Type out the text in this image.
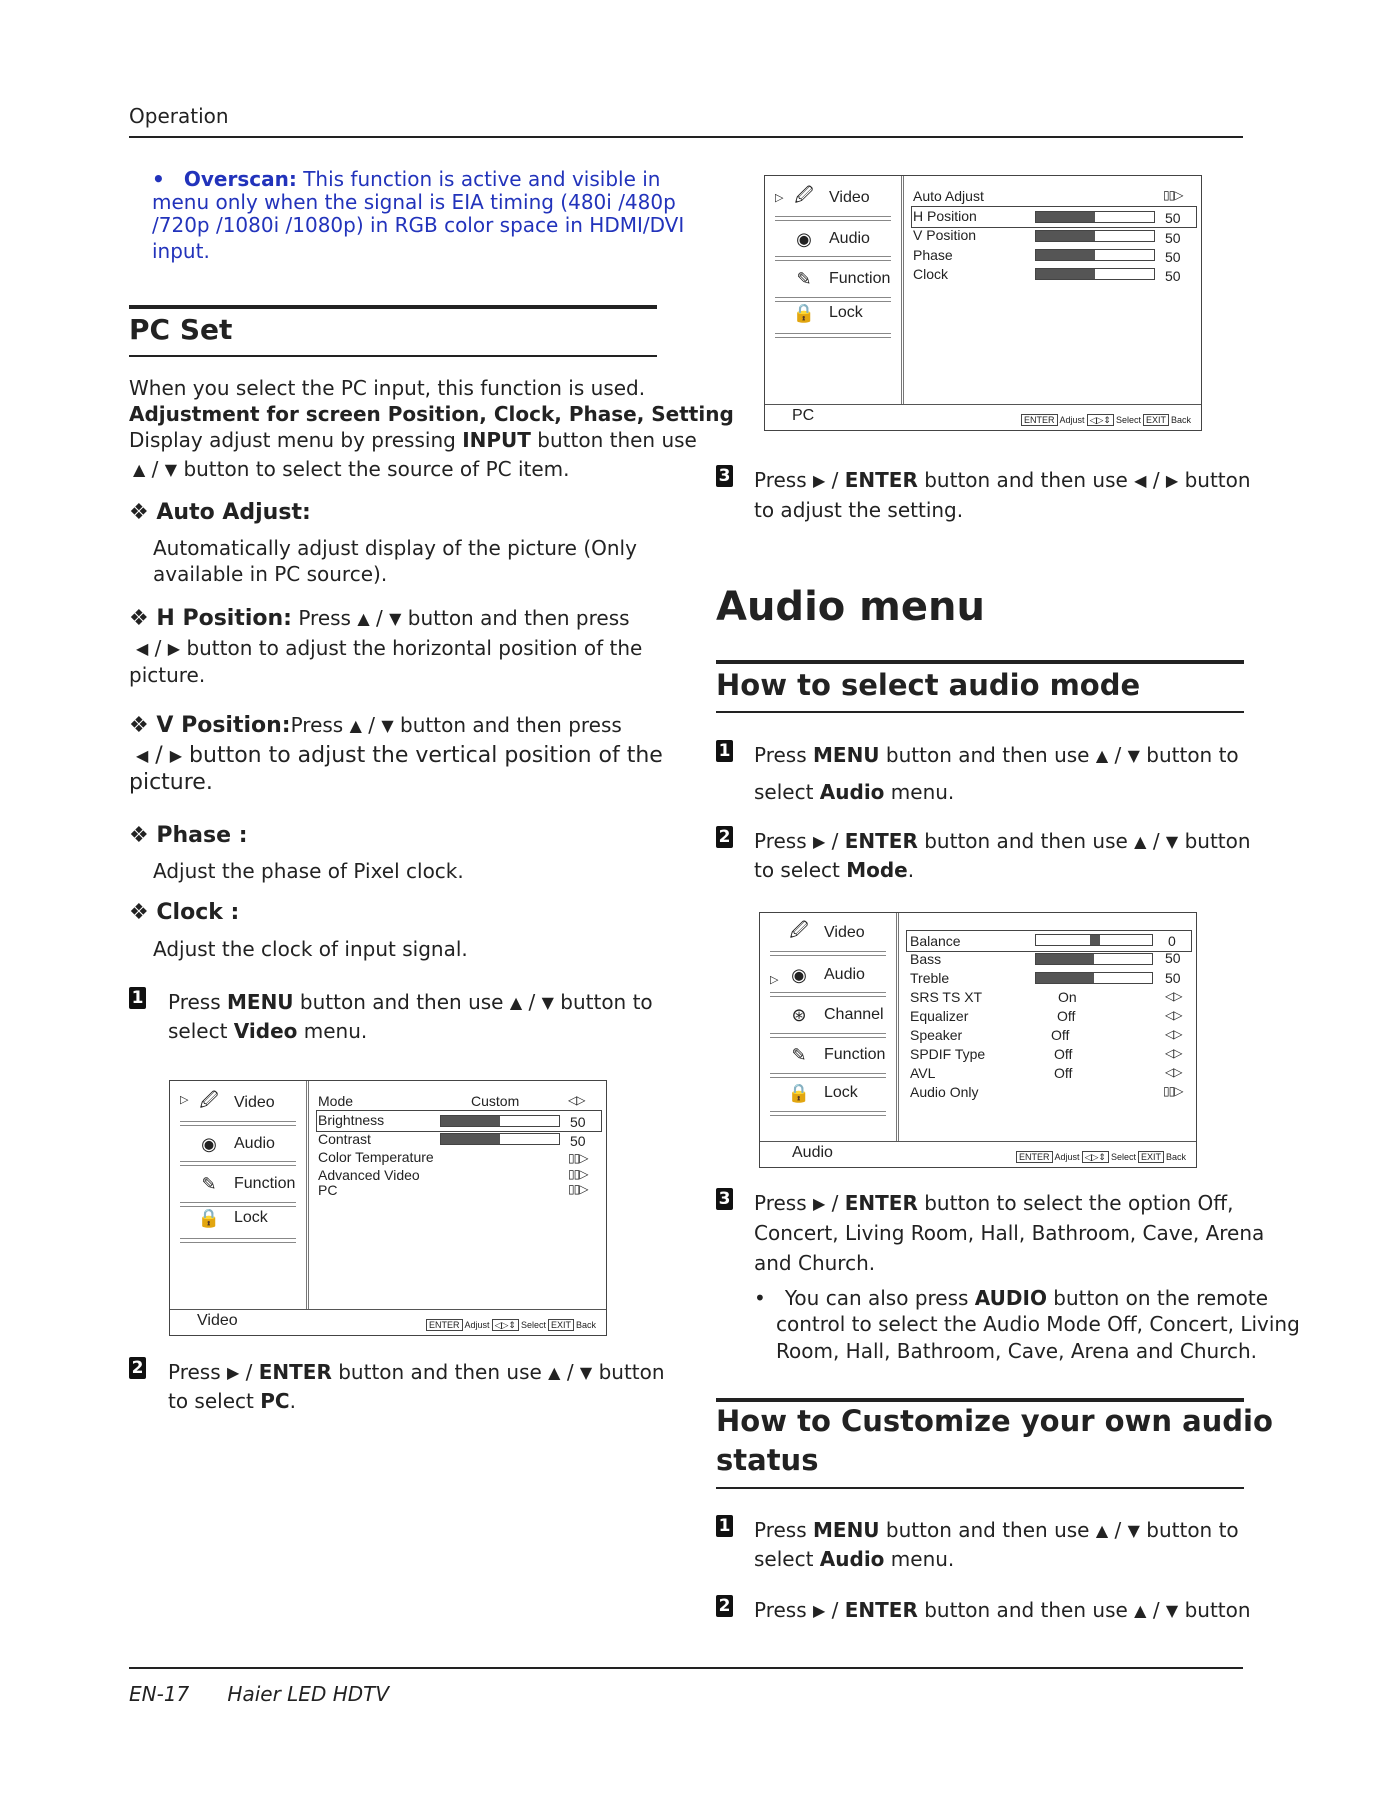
Operation
• Overscan: This function is active and visible in
menu only when the signal is EIA timing (480i /480p
/720p /1080i /1080p) in RGB color space in HDMI/DVI
input.
PC Set
When you select the PC input, this function is used.
Adjustment for screen Position, Clock, Phase, Setting
Display adjust menu by pressing INPUT button then use
▲ / ▼ button to select the source of PC item.
❖ Auto Adjust:
Automatically adjust display of the picture (Only
available in PC source).
❖ H Position: Press ▲ / ▼ button and then press
◀ / ▶ button to adjust the horizontal position of the
picture.
❖ V Position:Press ▲ / ▼ button and then press
◀ / ▶ button to adjust the vertical position of the
picture.
❖ Phase :
Adjust the phase of Pixel clock.
❖ Clock :
Adjust the clock of input signal.
1 Press MENU button and then use ▲ / ▼ button to
select Video menu.
▷ 🖉 Video
◉	Audio
✎	Function
🔒 Lock
Mode	Custom	◁▷
Brightness	50
Contrast	50
Color Temperature	▯▯▷
Advanced Video	▯▯▷
PC	▯▯▷
Video	ENTER Adjust ◁▷⇕ Select EXIT Back
2 Press ▶ / ENTER button and then use ▲ / ▼ button
to select PC.
▷ 🖉 Video
◉	Audio
✎	Function
🔒 Lock
Auto Adjust	▯▯▷
H Position	50
V Position	50
Phase	50
Clock	50
PC	ENTER Adjust ◁▷⇕ Select EXIT Back
3 Press ▶ / ENTER button and then use ◀ / ▶ button
to adjust the setting.
Audio menu
How to select audio mode
1 Press MENU button and then use ▲ / ▼ button to
select Audio menu.
2 Press ▶ / ENTER button and then use ▲ / ▼ button
to select Mode.
🖉 Video
▷ ◉	Audio
⊛	Channel
✎	Function
🔒 Lock
Balance	0
Bass	50
Treble	50
SRS TS XT	On	◁▷
Equalizer	Off	◁▷
Speaker	Off	◁▷
SPDIF Type	Off	◁▷
AVL	Off	◁▷
Audio Only	▯▯▷
Audio	ENTER Adjust ◁▷⇕ Select EXIT Back
3 Press ▶ / ENTER button to select the option Off,
Concert, Living Room, Hall, Bathroom, Cave, Arena
and Church.
•   You can also press AUDIO button on the remote
control to select the Audio Mode Off, Concert, Living
Room, Hall, Bathroom, Cave, Arena and Church.
How to Customize your own audio
status
1 Press MENU button and then use ▲ / ▼ button to
select Audio menu.
2 Press ▶ / ENTER button and then use ▲ / ▼ button
EN-17 Haier LED HDTV
